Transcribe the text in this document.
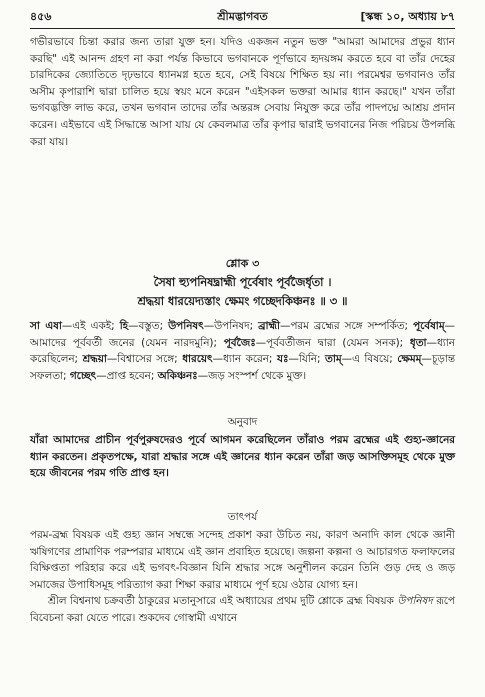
৪৫৬	শ্রীমদ্ভাগবত	[স্কন্ধ ১০, অধ্যায় ৮৭

গভীরভাবে চিন্তা করার জন্য তারা যুক্ত হন। যদিও একজন নতুন ভক্ত "আমরা আমাদের প্রভুর ধ্যান করছি" এই আনন্দ গ্রহণ না করা পর্যন্ত কিভাবে ভগবানকে পূর্ণভাবে হৃদয়ঙ্গম করতে হবে বা তাঁর দেহের চারদিকের জ্যোতিতে দৃঢ়ভাবে ধ্যানমগ্ন হতে হবে, সেই বিষয়ে শিক্ষিত হয় না। পরমেশ্বর ভগবানও তাঁর অসীম কৃপারাশি দ্বারা চালিত হয়ে স্বয়ং মনে করেন "এইসকল ভক্তরা আমার ধ্যান করছে।" যখন তাঁরা ভগবদ্ভক্তি লাভ করে, তখন ভগবান তাদের তাঁর অন্তরঙ্গ সেবায় নিযুক্ত করে তাঁর পাদপদ্মে আশ্রয় প্রদান করেন। এইভাবে এই সিদ্ধান্তে আসা যায় যে কেবলমাত্র তাঁর কৃপার দ্বারাই ভগবানের নিজ পরিচয় উপলব্ধি করা যায়।

শ্লোক ৩

সৈষা হ্যুপনিষদ্ব্রাহ্মী পূর্বেষাং পূর্বজৈর্ধৃতা ।

শ্রদ্ধয়া ধারয়েদ্যস্তাং ক্ষেমং গচ্ছেদকিঞ্চনঃ ॥ ৩ ॥

সা এষা—এই একই; হি—বস্তুত; উপনিষৎ—উপনিষদ; ব্রাহ্মী—পরম ব্রহ্মের সঙ্গে সম্পর্কিত; পূর্বেষাম্—আমাদের পূর্ববর্তী জনের (যেমন নারদমুনি); পূর্বজৈঃ—পূর্ববর্তীজন দ্বারা (যেমন সনক); ধৃতা—ধ্যান করেছিলেন; শ্রদ্ধয়া—বিশ্বাসের সঙ্গে; ধারয়েৎ—ধ্যান করেন; যঃ—যিনি; তাম্—এ বিষয়ে; ক্ষেমম্—চূড়ান্ত সফলতা; গচ্ছেৎ—প্রাপ্ত হবেন; অকিঞ্চনঃ—জড় সংস্পর্শ থেকে মুক্ত।

অনুবাদ

যাঁরা আমাদের প্রাচীন পূর্বপুরুষদেরও পূর্বে আগমন করেছিলেন তাঁরাও পরম ব্রহ্মের এই গুহ্য-জ্ঞানের ধ্যান করতেন। প্রকৃতপক্ষে, যারা শ্রদ্ধার সঙ্গে এই জ্ঞানের ধ্যান করেন তাঁরা জড় আসক্তিসমূহ থেকে মুক্ত হয়ে জীবনের পরম গতি প্রাপ্ত হন।

তাৎপর্য

পরম-ব্রহ্ম বিষয়ক এই গুহ্য জ্ঞান সম্বন্ধে সন্দেহ প্রকাশ করা উচিত নয়, কারণ অনাদি কাল থেকে জ্ঞানী ঋষিগণের প্রামাণিক পরম্পরার মাধ্যমে এই জ্ঞান প্রবাহিত হয়েছে। জল্পনা কল্পনা ও আচারগত ফলাফলের বিক্ষিপ্ততা পরিহার করে এই ভগবৎ-বিজ্ঞান যিনি শ্রদ্ধার সঙ্গে অনুশীলন করেন তিনি গুড় দেহ ও জড় সমাজের উপাধিসমূহ পরিত্যাগ করা শিক্ষা করার মাধ্যমে পূর্ণ হয়ে ওঠার যোগ্য হন।

শ্রীল বিশ্বনাথ চক্রবর্তী ঠাকুরের মতানুসারে এই অধ্যায়ের প্রথম দুটি শ্লোকে ব্রহ্ম বিষয়ক উপনিষদ রূপে বিবেচনা করা যেতে পারে। শুকদেব গোস্বামী এখানে
